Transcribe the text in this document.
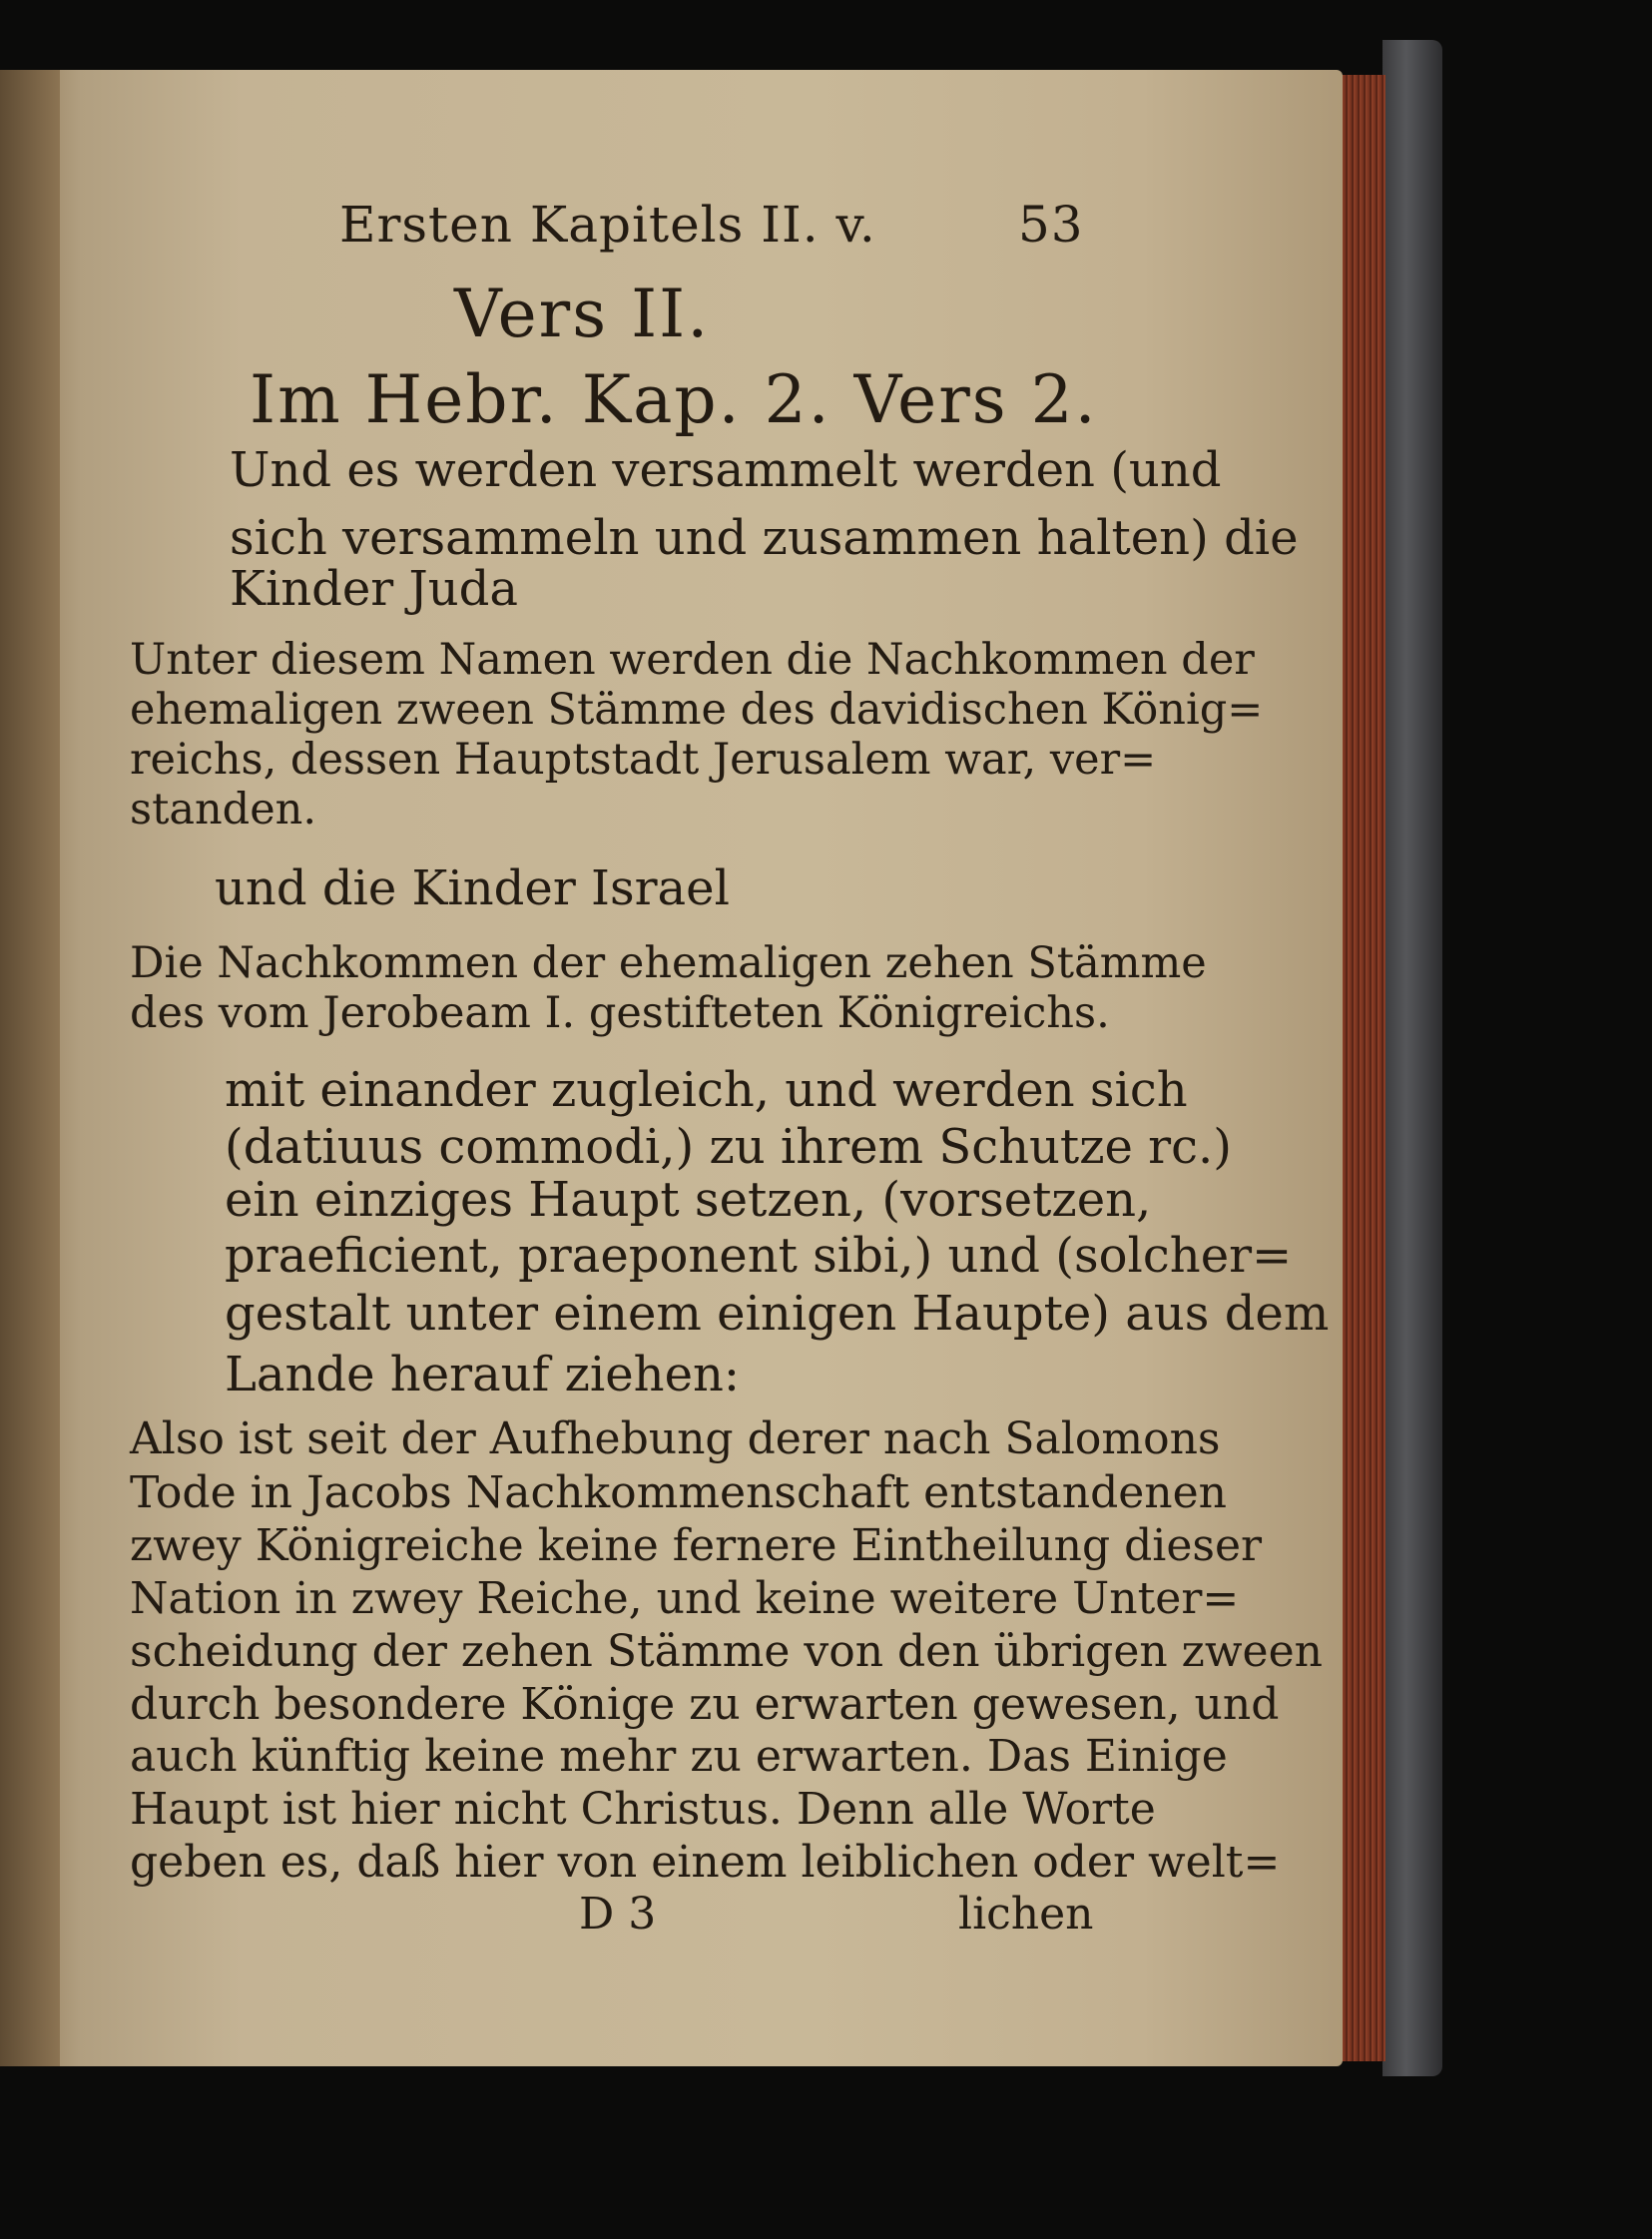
Ersten Kapitels II. v.	53
Vers II.
Im Hebr. Kap. 2. Vers 2.
Und es werden versammelt werden (und
sich versammeln und zusammen halten) die
Kinder Juda
Unter diesem Namen werden die Nachkommen der
ehemaligen zween Stämme des davidischen König=
reichs, dessen Hauptstadt Jerusalem war, ver=
standen.
und die Kinder Israel
Die Nachkommen der ehemaligen zehen Stämme
des vom Jerobeam I. gestifteten Königreichs.
mit einander zugleich, und werden sich
(datiuus commodi,) zu ihrem Schutze rc.)
ein einziges Haupt setzen, (vorsetzen,
praeficient, praeponent sibi,) und (solcher=
gestalt unter einem einigen Haupte) aus dem
Lande herauf ziehen:
Also ist seit der Aufhebung derer nach Salomons
Tode in Jacobs Nachkommenschaft entstandenen
zwey Königreiche keine fernere Eintheilung dieser
Nation in zwey Reiche, und keine weitere Unter=
scheidung der zehen Stämme von den übrigen zween
durch besondere Könige zu erwarten gewesen, und
auch künftig keine mehr zu erwarten. Das Einige
Haupt ist hier nicht Christus. Denn alle Worte
geben es, daß hier von einem leiblichen oder welt=
D 3	lichen
